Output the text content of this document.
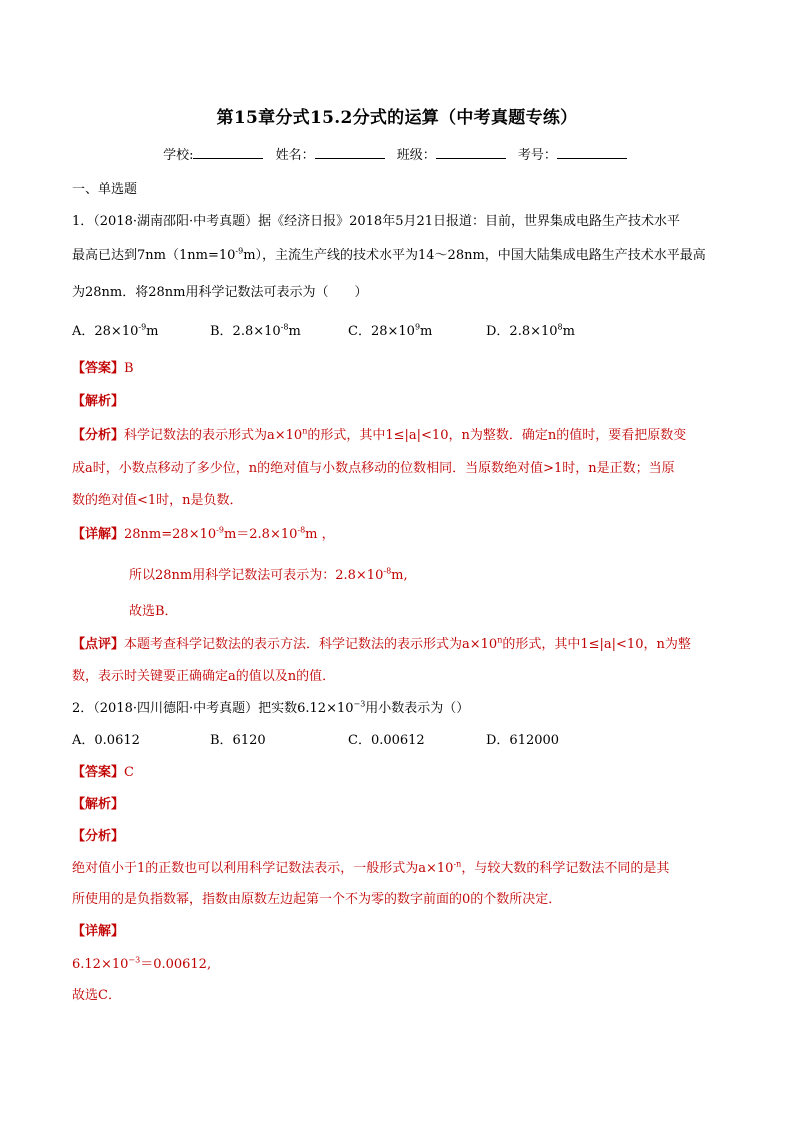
第15章分式15.2分式的运算（中考真题专练）
学校:	姓名：	班级：	考号：
一、单选题
1．（2018·湖南邵阳·中考真题）据《经济日报》2018年5月21日报道：目前，世界集成电路生产技术水平
最高已达到$7nm(1nm=10^{-9}m)$，主流生产线的技术水平为14～28nm，中国大陆集成电路生产技术水平最高
为28nm．将28nm用科学记数法可表示为（　　）
A．$28\times 10^{-9}m$	B．$2.8\times 10^{-8}m$	C．$28\times 10^9m$	D．$2.8\times 10^8m$
【答案】B
【解析】
【分析】科学记数法的表示形式为$a\times 10^n$的形式，其中1≤|a|<10，n为整数．确定n的值时，要看把原数变
成a时，小数点移动了多少位，n的绝对值与小数点移动的位数相同．当原数绝对值>1时，n是正数；当原
数的绝对值<1时，n是负数．
【详解】$28nm=28\times 10^{-9}m=2.8\times 10^{-8}m$ ，
所以28nm用科学记数法可表示为：$2.8\times 10^{-8}m$,
故选B．
【点评】本题考查科学记数法的表示方法．科学记数法的表示形式为$a\times 10^n$的形式，其中1≤|a|<10，n为整
数，表示时关键要正确确定a的值以及n的值．
2．（2018·四川德阳·中考真题）把实数$6.12\times 10^{-3}$用小数表示为（）
A．0.0612	B．6120	C．0.00612	D．612000
【答案】C
【解析】
【分析】
绝对值小于1的正数也可以利用科学记数法表示，一般形式为$a\times 10^{-n}$，与较大数的科学记数法不同的是其
所使用的是负指数幂，指数由原数左边起第一个不为零的数字前面的0的个数所决定．
【详解】
$6.12\times 10^{-3}=0.00612$,
故选C．
